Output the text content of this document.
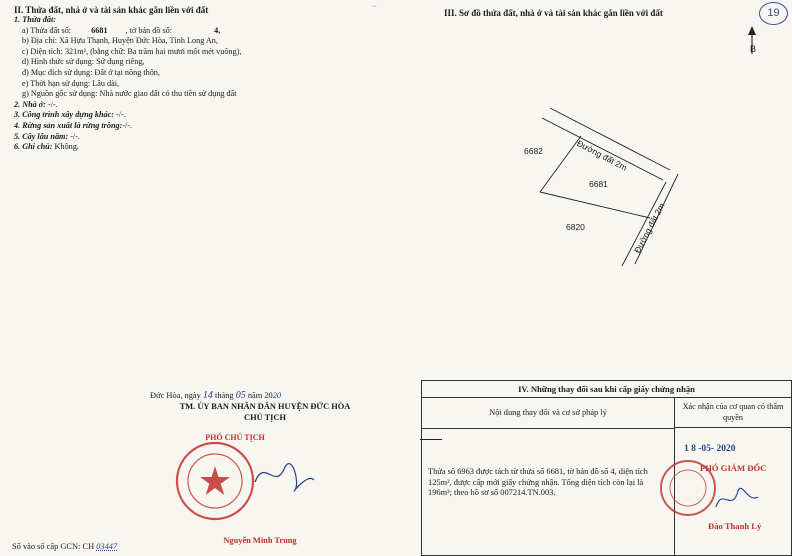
II. Thửa đất, nhà ở và tài sản khác gắn liền với đất
1. Thửa đất:
a) Thửa đất số: 6681 , tờ bản đồ số:	4,
b) Địa chỉ: Xã Hựu Thạnh, Huyện Đức Hòa, Tỉnh Long An,
c) Diện tích: 321m², (bằng chữ: Ba trăm hai mươi mốt mét vuông),
d) Hình thức sử dụng: Sử dụng riêng,
đ) Mục đích sử dụng: Đất ở tại nông thôn,
e) Thời hạn sử dụng: Lâu dài,
g) Nguồn gốc sử dụng: Nhà nước giao đất có thu tiền sử dụng đất
2. Nhà ở: -/-.
3. Công trình xây dựng khác: -/-.
4. Rừng sản xuất là rừng trồng:-/-.
5. Cây lâu năm: -/-.
6. Ghi chú: Không.
III. Sơ đồ thửa đất, nhà ở và tài sản khác gắn liền với đất	19
B
6682
6681
6820
Đường đất 2m
Đường đất 2m
~
Đức Hòa, ngày 14 tháng 05 năm 2020
TM. ỦY BAN NHÂN DÂN HUYỆN ĐỨC HÒA
CHỦ TỊCH
PHÓ CHỦ TỊCH
Nguyễn Minh Trung
Số vào sổ cấp GCN: CH 03447
IV. Những thay đổi sau khi cấp giấy chứng nhận
Nội dung thay đổi và cơ sở pháp lý
Xác nhận của cơ quan có thẩm quyền
Thửa số 6963 được tách từ thửa số 6681, tờ bản đồ số 4, diện tích 125m², được cấp mới giấy chứng nhận. Tổng diện tích còn lại là 196m²; theo hồ sơ số 007214.TN.003.
1 8 -05- 2020
PHÓ GIÁM ĐỐC
Đào Thanh Lý
